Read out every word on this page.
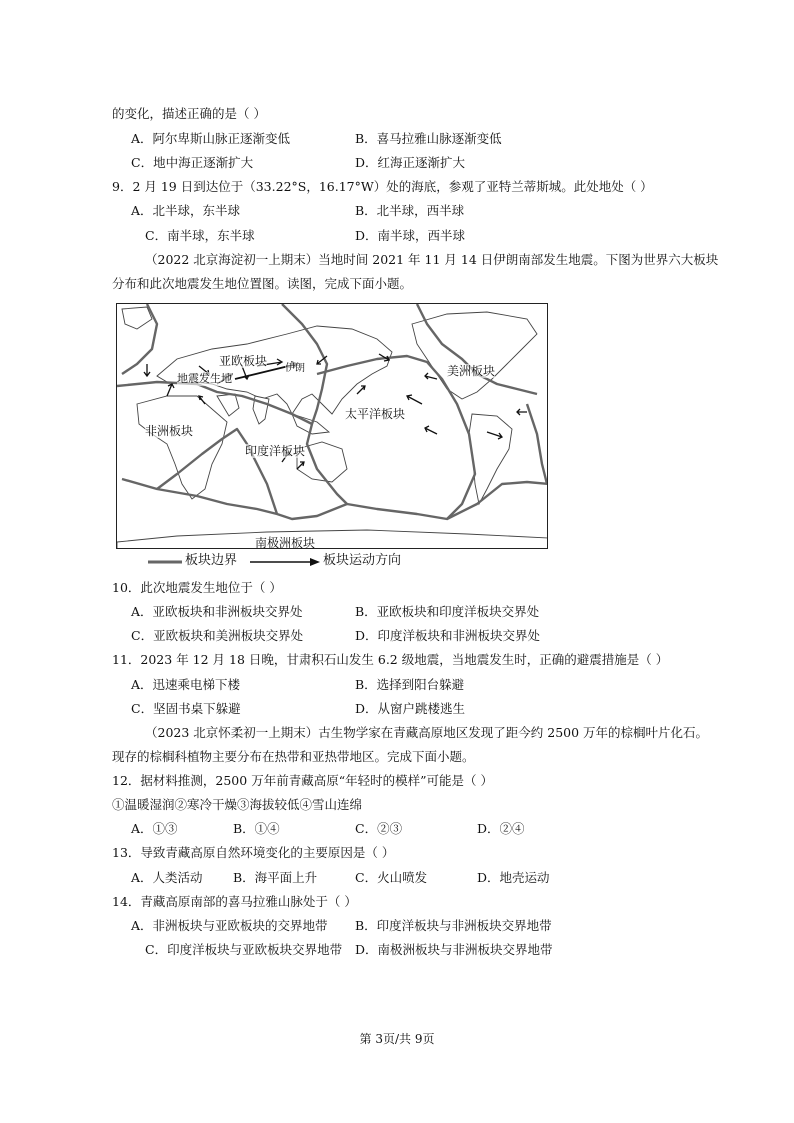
的变化，描述正确的是（ ）
A．阿尔卑斯山脉正逐渐变低	B．喜马拉雅山脉逐渐变低
C．地中海正逐渐扩大	D．红海正逐渐扩大
9．2 月 19 日到达位于（33.22°S，16.17°W）处的海底，参观了亚特兰蒂斯城。此处地处（ ）
A．北半球，东半球	B．北半球，西半球
C．南半球，东半球	D．南半球，西半球
（2022 北京海淀初一上期末）当地时间 2021 年 11 月 14 日伊朗南部发生地震。下图为世界六大板块
分布和此次地震发生地位置图。读图，完成下面小题。
亚欧板块
地震发生地
伊朗	美洲板块
太平洋板块
非洲板块
印度洋板块
南极洲板块
板块边界	板块运动方向
10．此次地震发生地位于（ ）
A．亚欧板块和非洲板块交界处	B．亚欧板块和印度洋板块交界处
C．亚欧板块和美洲板块交界处	D．印度洋板块和非洲板块交界处
11．2023 年 12 月 18 日晚，甘肃积石山发生 6.2 级地震，当地震发生时，正确的避震措施是（ ）
A．迅速乘电梯下楼	B．选择到阳台躲避
C．坚固书桌下躲避	D．从窗户跳楼逃生
（2023 北京怀柔初一上期末）古生物学家在青藏高原地区发现了距今约 2500 万年的棕榈叶片化石。
现存的棕榈科植物主要分布在热带和亚热带地区。完成下面小题。
12．据材料推测，2500 万年前青藏高原“年轻时的模样”可能是（ ）
①温暖湿润②寒冷干燥③海拔较低④雪山连绵
A．①③	B．①④	C．②③	D．②④
13．导致青藏高原自然环境变化的主要原因是（ ）
A．人类活动 B．海平面上升	C．火山喷发	D．地壳运动
14．青藏高原南部的喜马拉雅山脉处于（ ）
A．非洲板块与亚欧板块的交界地带 B．印度洋板块与非洲板块交界地带
C．印度洋板块与亚欧板块交界地带 D．南极洲板块与非洲板块交界地带
第 3页/共 9页
